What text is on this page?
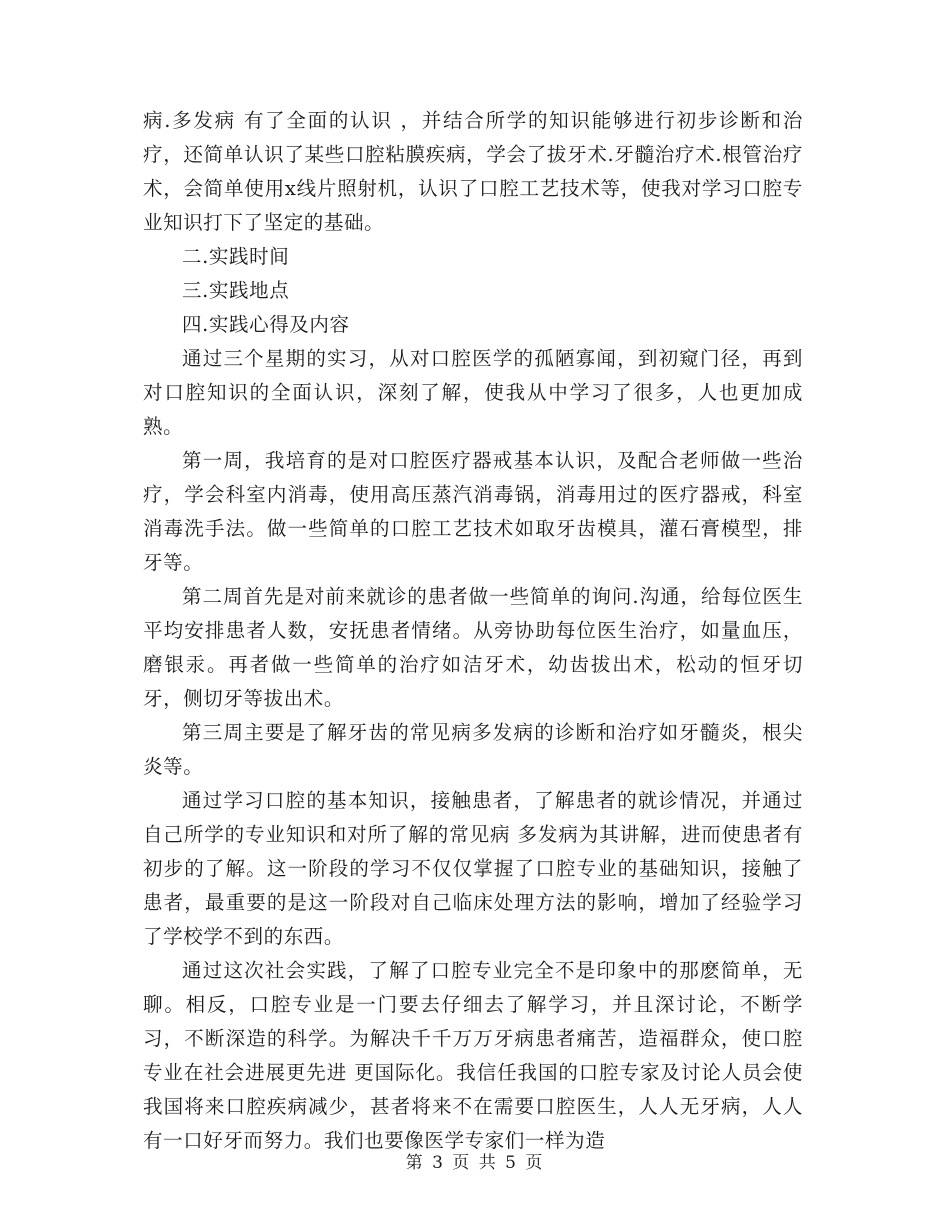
病.多发病 有了全面的认识 ，并结合所学的知识能够进行初步诊断和治疗，还简单认识了某些口腔粘膜疾病，学会了拔牙术.牙髓治疗术.根管治疗术，会简单使用x线片照射机，认识了口腔工艺技术等，使我对学习口腔专业知识打下了坚定的基础。

二.实践时间

三.实践地点

四.实践心得及内容

通过三个星期的实习，从对口腔医学的孤陋寡闻，到初窥门径，再到对口腔知识的全面认识，深刻了解，使我从中学习了很多，人也更加成熟。

第一周，我培育的是对口腔医疗器戒基本认识，及配合老师做一些治疗，学会科室内消毒，使用高压蒸汽消毒锅，消毒用过的医疗器戒，科室消毒洗手法。做一些简单的口腔工艺技术如取牙齿模具，灌石膏模型，排牙等。

第二周首先是对前来就诊的患者做一些简单的询问.沟通，给每位医生平均安排患者人数，安抚患者情绪。从旁协助每位医生治疗，如量血压，磨银汞。再者做一些简单的治疗如洁牙术，幼齿拔出术，松动的恒牙切牙，侧切牙等拔出术。

第三周主要是了解牙齿的常见病多发病的诊断和治疗如牙髓炎，根尖炎等。

通过学习口腔的基本知识，接触患者，了解患者的就诊情况，并通过自己所学的专业知识和对所了解的常见病 多发病为其讲解，进而使患者有初步的了解。这一阶段的学习不仅仅掌握了口腔专业的基础知识，接触了患者，最重要的是这一阶段对自己临床处理方法的影响，增加了经验学习了学校学不到的东西。

通过这次社会实践，了解了口腔专业完全不是印象中的那麽简单，无聊。相反，口腔专业是一门要去仔细去了解学习，并且深讨论，不断学习，不断深造的科学。为解决千千万万牙病患者痛苦，造福群众，使口腔专业在社会进展更先进 更国际化。我信任我国的口腔专家及讨论人员会使我国将来口腔疾病减少，甚者将来不在需要口腔医生，人人无牙病，人人有一口好牙而努力。我们也要像医学专家们一样为造

第 3 页 共 5 页
